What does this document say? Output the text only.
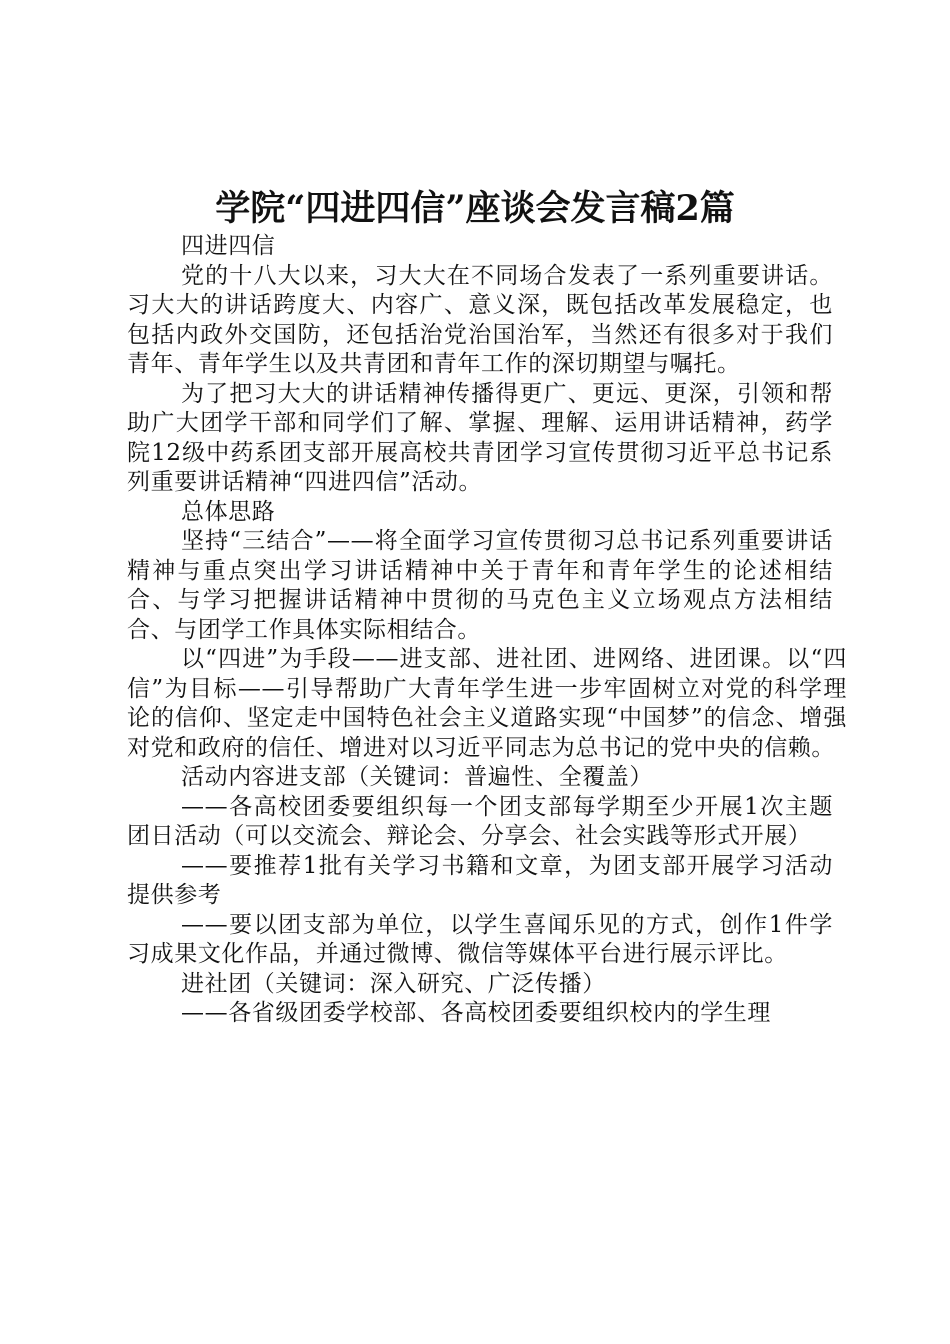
学院“四进四信”座谈会发言稿2篇

四进四信

党的十八大以来，习大大在不同场合发表了一系列重要讲话。习大大的讲话跨度大、内容广、意义深，既包括改革发展稳定，也包括内政外交国防，还包括治党治国治军，当然还有很多对于我们青年、青年学生以及共青团和青年工作的深切期望与嘱托。

为了把习大大的讲话精神传播得更广、更远、更深，引领和帮助广大团学干部和同学们了解、掌握、理解、运用讲话精神，药学院12级中药系团支部开展高校共青团学习宣传贯彻习近平总书记系列重要讲话精神“四进四信”活动。

总体思路

坚持“三结合”——将全面学习宣传贯彻习总书记系列重要讲话精神与重点突出学习讲话精神中关于青年和青年学生的论述相结合、与学习把握讲话精神中贯彻的马克色主义立场观点方法相结合、与团学工作具体实际相结合。

以“四进”为手段——进支部、进社团、进网络、进团课。以“四信”为目标——引导帮助广大青年学生进一步牢固树立对党的科学理论的信仰、坚定走中国特色社会主义道路实现“中国梦”的信念、增强对党和政府的信任、增进对以习近平同志为总书记的党中央的信赖。

活动内容进支部（关键词：普遍性、全覆盖）

——各高校团委要组织每一个团支部每学期至少开展1次主题团日活动（可以交流会、辩论会、分享会、社会实践等形式开展）

——要推荐1批有关学习书籍和文章，为团支部开展学习活动提供参考

——要以团支部为单位，以学生喜闻乐见的方式，创作1件学习成果文化作品，并通过微博、微信等媒体平台进行展示评比。

进社团（关键词：深入研究、广泛传播）

——各省级团委学校部、各高校团委要组织校内的学生理
